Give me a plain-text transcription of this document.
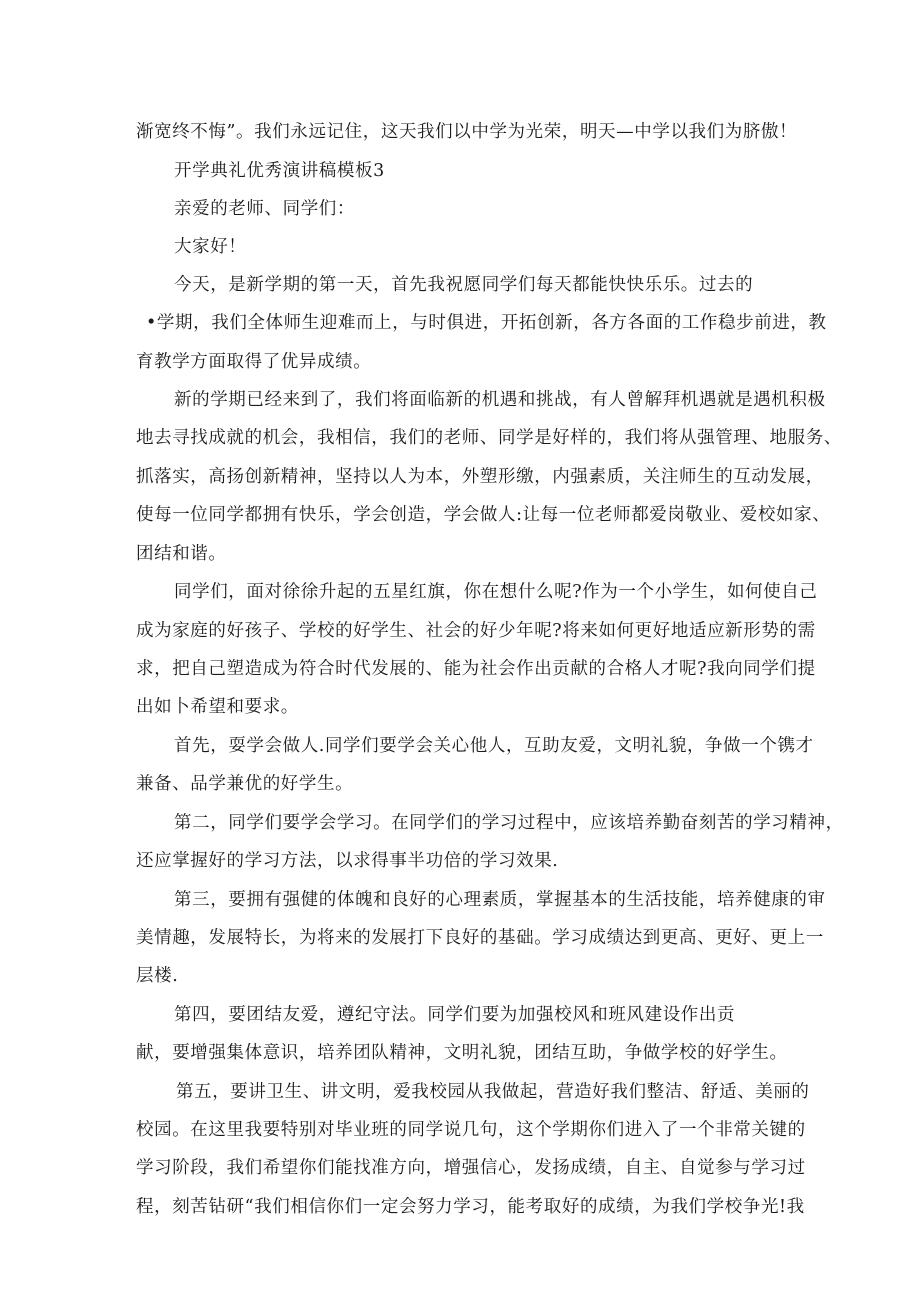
渐宽终不悔”。我们永远记住，这天我们以中学为光荣，明天—中学以我们为脐傲！
开学典礼优秀演讲稿模板3
亲爱的老师、同学们：
大家好！
今天，是新学期的第一天，首先我祝愿同学们每天都能快快乐乐。过去的
•学期，我们全体师生迎难而上，与时俱进，开拓创新，各方各面的工作稳步前进，教
育教学方面取得了优异成绩。
新的学期已经来到了，我们将面临新的机遇和挑战，有人曾解拜机遇就是遇机积极
地去寻找成就的机会，我相信，我们的老师、同学是好样的，我们将从强管理、地服务、
抓落实，高扬创新精神，坚持以人为本，外塑形缴，内强素质，关注师生的互动发展，
使每一位同学都拥有快乐，学会创造，学会做人:让每一位老师都爱岗敬业、爱校如家、
团结和谐。
同学们，面对徐徐升起的五星红旗，你在想什么呢?作为一个小学生，如何使自己
成为家庭的好孩子、学校的好学生、社会的好少年呢?将来如何更好地适应新形势的需
求，把自己塑造成为符合时代发展的、能为社会作出贡献的合格人才呢?我向同学们提
出如卜希望和要求。
首先，耍学会做人.同学们要学会关心他人，互助友爱，文明礼貌，争做一个镌才
兼备、品学兼优的好学生。
第二，同学们要学会学习。在同学们的学习过程中，应该培养勤奋刻苦的学习精神，
还应掌握好的学习方法，以求得事半功倍的学习效果.
第三，要拥有强健的体魄和良好的心理素质，掌握基本的生活技能，培养健康的审
美情趣，发展特长，为将来的发展打下良好的基础。学习成绩达到更高、更好、更上一
层楼.
第四，要团结友爱，遵纪守法。同学们要为加强校风和班风建设作出贡
献，要增强集体意识，培养团队精神，文明礼貌，团结互助，争做学校的好学生。
第五，要讲卫生、讲文明，爱我校园从我做起，营造好我们整洁、舒适、美丽的
校园。在这里我要特别对毕业班的同学说几句，这个学期你们进入了一个非常关键的
学习阶段，我们希望你们能找准方向，增强信心，发扬成绩，自主、自觉参与学习过
程，刻苦钻研“我们相信你们一定会努力学习，能考取好的成绩，为我们学校争光!我
